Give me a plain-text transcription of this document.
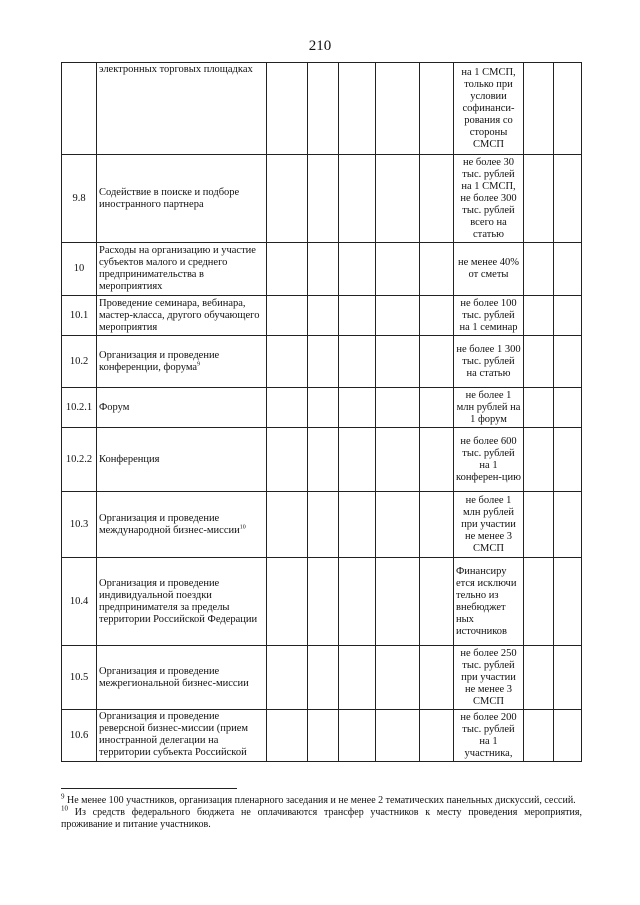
210
	электронных торговых площадках						на 1 СМСП, только при условии софинанси-рования со стороны СМСП		
9.8	Содействие в поиске и подборе иностранного партнера						не более 30 тыс. рублей на 1 СМСП, не более 300 тыс. рублей всего на статью		
10	Расходы на организацию и участие субъектов малого и среднего предпринимательства в мероприятиях						не менее 40% от сметы		
10.1	Проведение семинара, вебинара, мастер-класса, другого обучающего мероприятия						не более 100 тыс. рублей на 1 семинар		
10.2	Организация и проведение конференции, форума$^9$						не более 1 300 тыс. рублей на статью		
10.2.1	Форум						не более 1 млн рублей на 1 форум		
10.2.2	Конференция						не более 600 тыс. рублей на 1 конферен-цию		
10.3	Организация и проведение международной бизнес-миссии$^{10}$						не более 1 млн рублей при участии не менее 3 СМСП		
10.4	Организация и проведение индивидуальной поездки предпринимателя за пределы территории Российской Федерации						Финансиру ется исключи тельно из внебюджет ных источников		
10.5	Организация и проведение межрегиональной бизнес-миссии						не более 250 тыс. рублей при участии не менее 3 СМСП		
10.6	Организация и проведение реверсной бизнес-миссии (прием иностранной делегации на территории субъекта Российской						не более 200 тыс. рублей на 1 участника,		

$^9$ Не менее 100 участников, организация пленарного заседания и не менее 2 тематических панельных дискуссий, сессий.

$^{10}$ Из средств федерального бюджета не оплачиваются трансфер участников к месту проведения мероприятия, проживание и питание участников.
